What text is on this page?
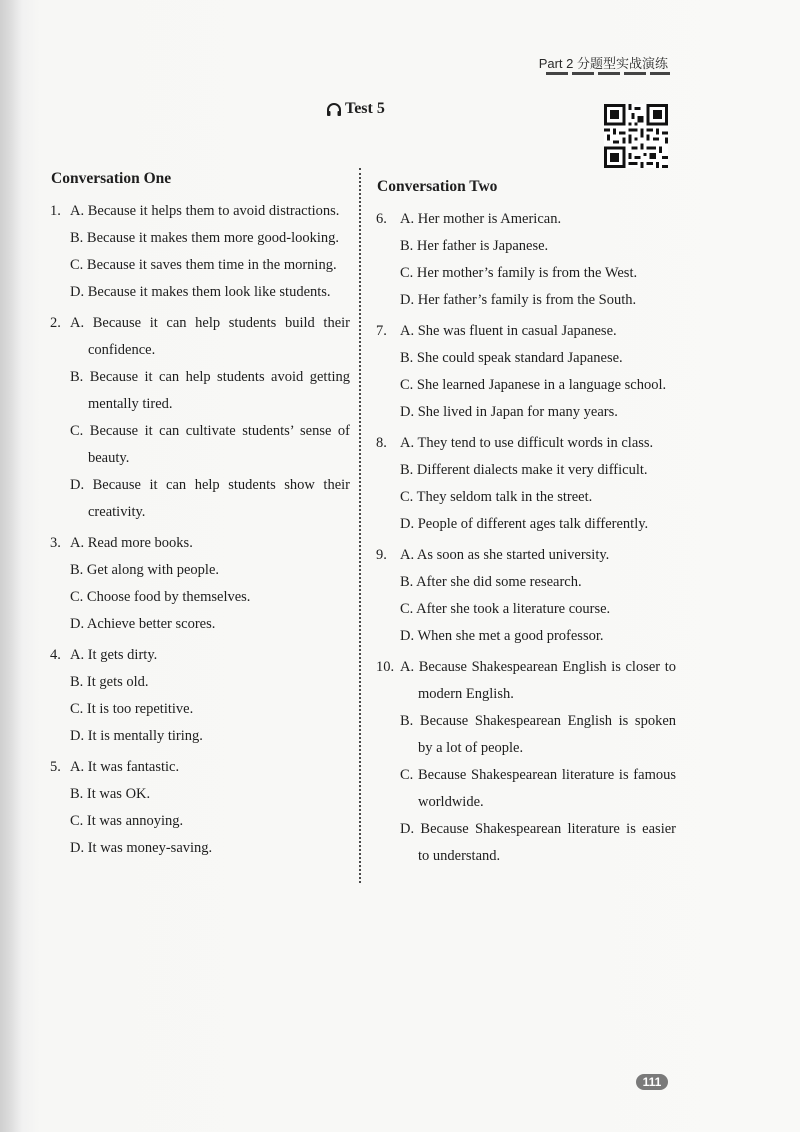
Part 2 分题型实战演练
Test 5
Conversation One
1. A. Because it helps them to avoid distractions.
B. Because it makes them more good-looking.
C. Because it saves them time in the morning.
D. Because it makes them look like students.
2. A. Because it can help students build their confidence.
B. Because it can help students avoid getting mentally tired.
C. Because it can cultivate students’ sense of beauty.
D. Because it can help students show their creativity.
3. A. Read more books.
B. Get along with people.
C. Choose food by themselves.
D. Achieve better scores.
4. A. It gets dirty.
B. It gets old.
C. It is too repetitive.
D. It is mentally tiring.
5. A. It was fantastic.
B. It was OK.
C. It was annoying.
D. It was money-saving.
Conversation Two
6. A. Her mother is American.
B. Her father is Japanese.
C. Her mother’s family is from the West.
D. Her father’s family is from the South.
7. A. She was fluent in casual Japanese.
B. She could speak standard Japanese.
C. She learned Japanese in a language school.
D. She lived in Japan for many years.
8. A. They tend to use difficult words in class.
B. Different dialects make it very difficult.
C. They seldom talk in the street.
D. People of different ages talk differently.
9. A. As soon as she started university.
B. After she did some research.
C. After she took a literature course.
D. When she met a good professor.
10. A. Because Shakespearean English is closer to modern English.
B. Because Shakespearean English is spoken by a lot of people.
C. Because Shakespearean literature is famous worldwide.
D. Because Shakespearean literature is easier to understand.
111
